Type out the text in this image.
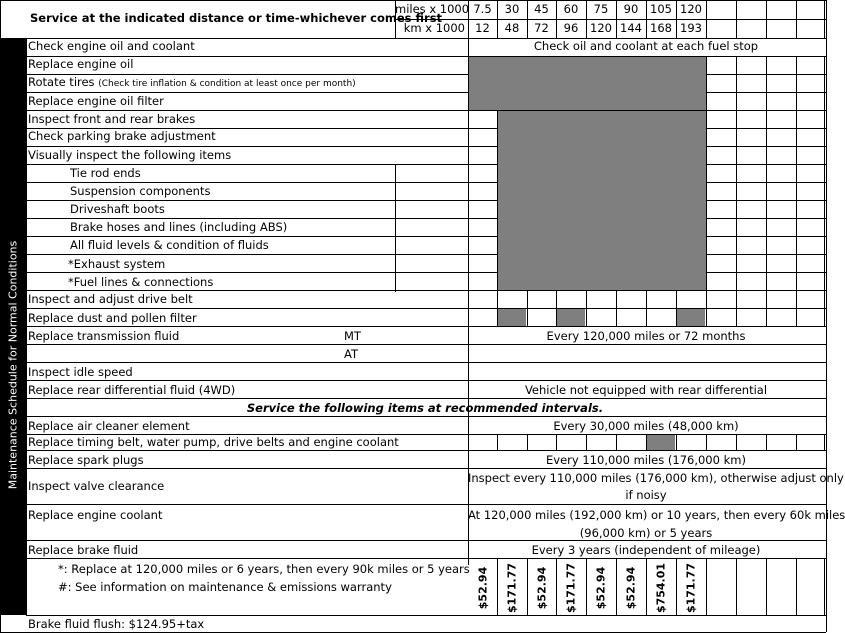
Maintenance Schedule for Normal Conditions
Service at the indicated distance or time-whichever comes first
miles x 1000
km x 1000
7.5
12
30
48
45
72
60
96
75
120
90
144
105
168
120
193
Check engine oil and coolant
Replace engine oil
Rotate tires (Check tire inflation & condition at least once per month)
Replace engine oil filter
Inspect front and rear brakes
Check parking brake adjustment
Visually inspect the following items
Tie rod ends
Suspension components
Driveshaft boots
Brake hoses and lines (including ABS)
All fluid levels & condition of fluids
*Exhaust system
*Fuel lines & connections
Inspect and adjust drive belt
Replace dust and pollen filter
Replace transmission fluid	MT
AT
Inspect idle speed
Replace rear differential fluid (4WD)
Service the following items at recommended intervals.
Replace air cleaner element
Replace timing belt, water pump, drive belts and engine coolant
Replace spark plugs
Inspect valve clearance
Replace engine coolant
Replace brake fluid
*: Replace at 120,000 miles or 6 years, then every 90k miles or 5 years
#: See information on maintenance & emissions warranty
Check oil and coolant at each fuel stop
Every 120,000 miles or 72 months
Vehicle not equipped with rear differential
Every 30,000 miles (48,000 km)
Every 110,000 miles (176,000 km)
Inspect every 110,000 miles (176,000 km), otherwise adjust only
if noisy
At 120,000 miles (192,000 km) or 10 years, then every 60k miles
(96,000 km) or 5 years
Every 3 years (independent of mileage)
$52.94 $171.77 $52.94 $171.77 $52.94 $52.94 $754.01 $171.77
Brake fluid flush: $124.95+tax
